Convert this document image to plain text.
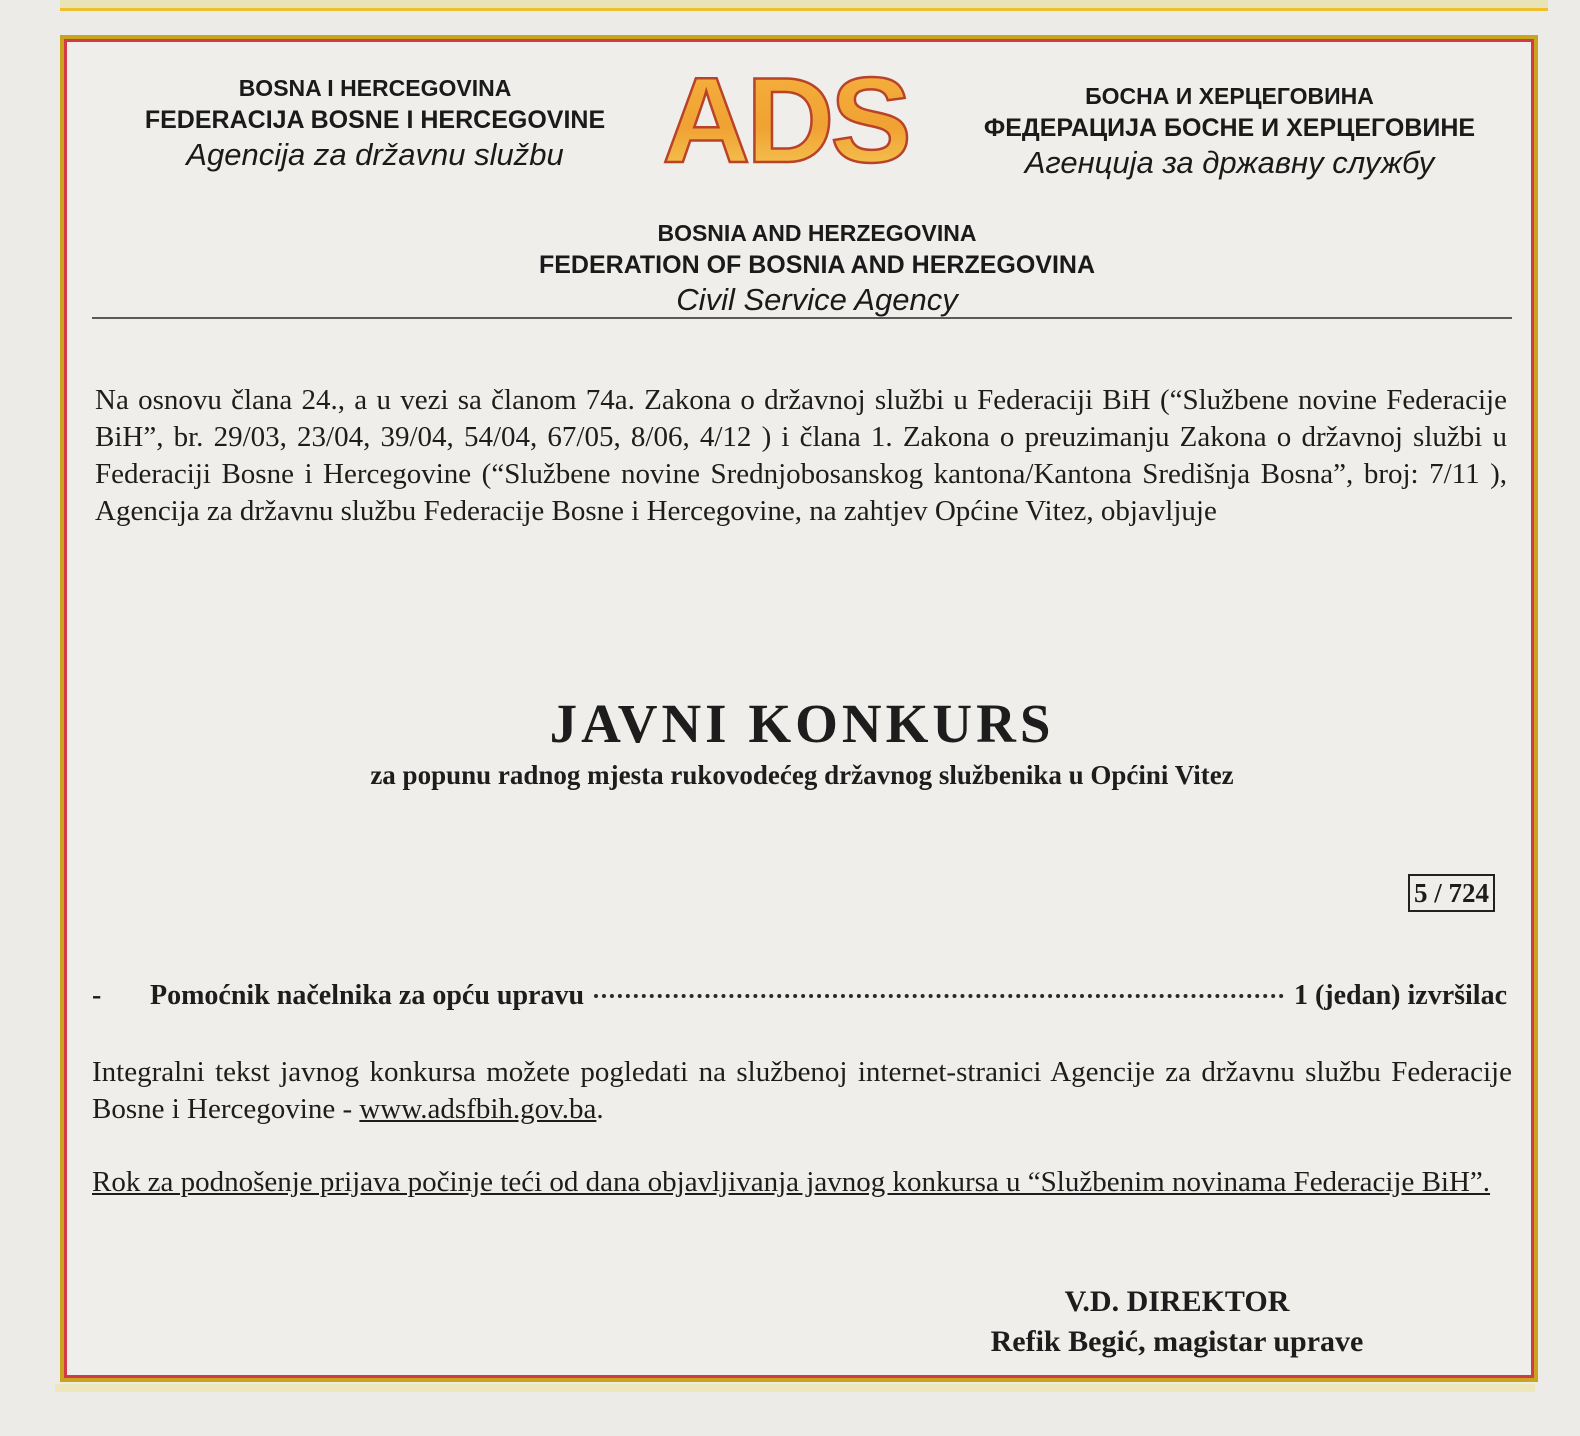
BOSNA I HERCEGOVINA
FEDERACIJA BOSNE I HERCEGOVINE
Agencija za državnu službu ADS	БОСНА И ХЕРЦЕГОВИНА
ФЕДЕРАЦИЈА БОСНЕ И ХЕРЦЕГОВИНЕ
Агенција за државну службу
BOSNIA AND HERZEGOVINA
FEDERATION OF BOSNIA AND HERZEGOVINA
Civil Service Agency
Na osnovu člana 24., a u vezi sa članom 74a. Zakona o državnoj službi u Federaciji BiH (“Službene novine Federacije BiH”, br. 29/03, 23/04, 39/04, 54/04, 67/05, 8/06, 4/12 ) i člana 1. Zakona o preuzimanju Zakona o državnoj službi u Federaciji Bosne i Hercegovine (“Službene novine Srednjobosanskog kantona/Kantona Središnja Bosna”, broj: 7/11 ), Agencija za državnu službu Federacije Bosne i Hercegovine, na zahtjev Općine Vitez, objavljuje
JAVNI KONKURS
za popunu radnog mjesta rukovodećeg državnog službenika u Općini Vitez
5 / 724
-	Pomoćnik načelnika za opću upravu	1 (jedan) izvršilac
Integralni tekst javnog konkursa možete pogledati na službenoj internet-stranici Agencije za državnu službu Federacije Bosne i Hercegovine - www.adsfbih.gov.ba.
Rok za podnošenje prijava počinje teći od dana objavljivanja javnog konkursa u “Službenim novinama Federacije BiH”.
V.D. DIREKTOR
Refik Begić, magistar uprave
